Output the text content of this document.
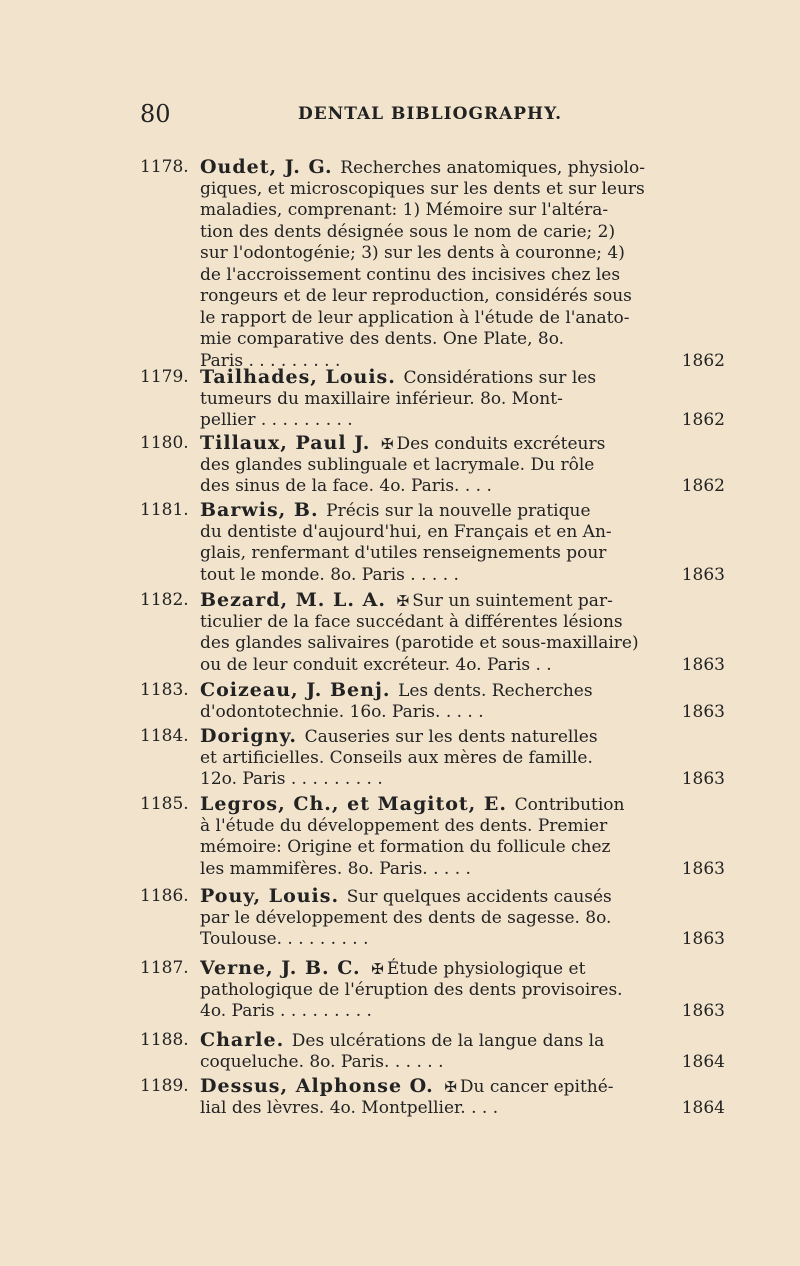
80	DENTAL BIBLIOGRAPHY.
1178. Oudet, J. G. Recherches anatomiques, physiolo-
giques, et microscopiques sur les dents et sur leurs
maladies, comprenant: 1) Mémoire sur l'altéra-
tion des dents désignée sous le nom de carie; 2)
sur l'odontogénie; 3) sur les dents à couronne; 4)
de l'accroissement continu des incisives chez les
rongeurs et de leur reproduction, considérés sous
le rapport de leur application à l'étude de l'anato-
mie comparative des dents. One Plate, 8o.
Paris . . . . . . . . .	1862
1179. Tailhades, Louis. Considérations sur les
tumeurs du maxillaire inférieur. 8o. Mont-
pellier . . . . . . . . .	1862
1180. Tillaux, Paul J. ✠ Des conduits excréteurs
des glandes sublinguale et lacrymale. Du rôle
des sinus de la face. 4o. Paris. . . .	1862
1181. Barwis, B. Précis sur la nouvelle pratique
du dentiste d'aujourd'hui, en Français et en An-
glais, renfermant d'utiles renseignements pour
tout le monde. 8o. Paris . . . . .	1863
1182. Bezard, M. L. A. ✠ Sur un suintement par-
ticulier de la face succédant à différentes lésions
des glandes salivaires (parotide et sous-maxillaire)
ou de leur conduit excréteur. 4o. Paris . .	1863
1183. Coizeau, J. Benj. Les dents. Recherches
d'odontotechnie. 16o. Paris. . . . .	1863
1184. Dorigny. Causeries sur les dents naturelles
et artificielles. Conseils aux mères de famille.
12o. Paris . . . . . . . . .	1863
1185. Legros, Ch., et Magitot, E. Contribution
à l'étude du développement des dents. Premier
mémoire: Origine et formation du follicule chez
les mammifères. 8o. Paris. . . . .	1863
1186. Pouy, Louis. Sur quelques accidents causés
par le développement des dents de sagesse. 8o.
Toulouse. . . . . . . . .	1863
1187. Verne, J. B. C. ✠ Étude physiologique et
pathologique de l'éruption des dents provisoires.
4o. Paris . . . . . . . . .	1863
1188. Charle. Des ulcérations de la langue dans la
coqueluche. 8o. Paris. . . . . .	1864
1189. Dessus, Alphonse O. ✠ Du cancer epithé-
lial des lèvres. 4o. Montpellier. . . .	1864
